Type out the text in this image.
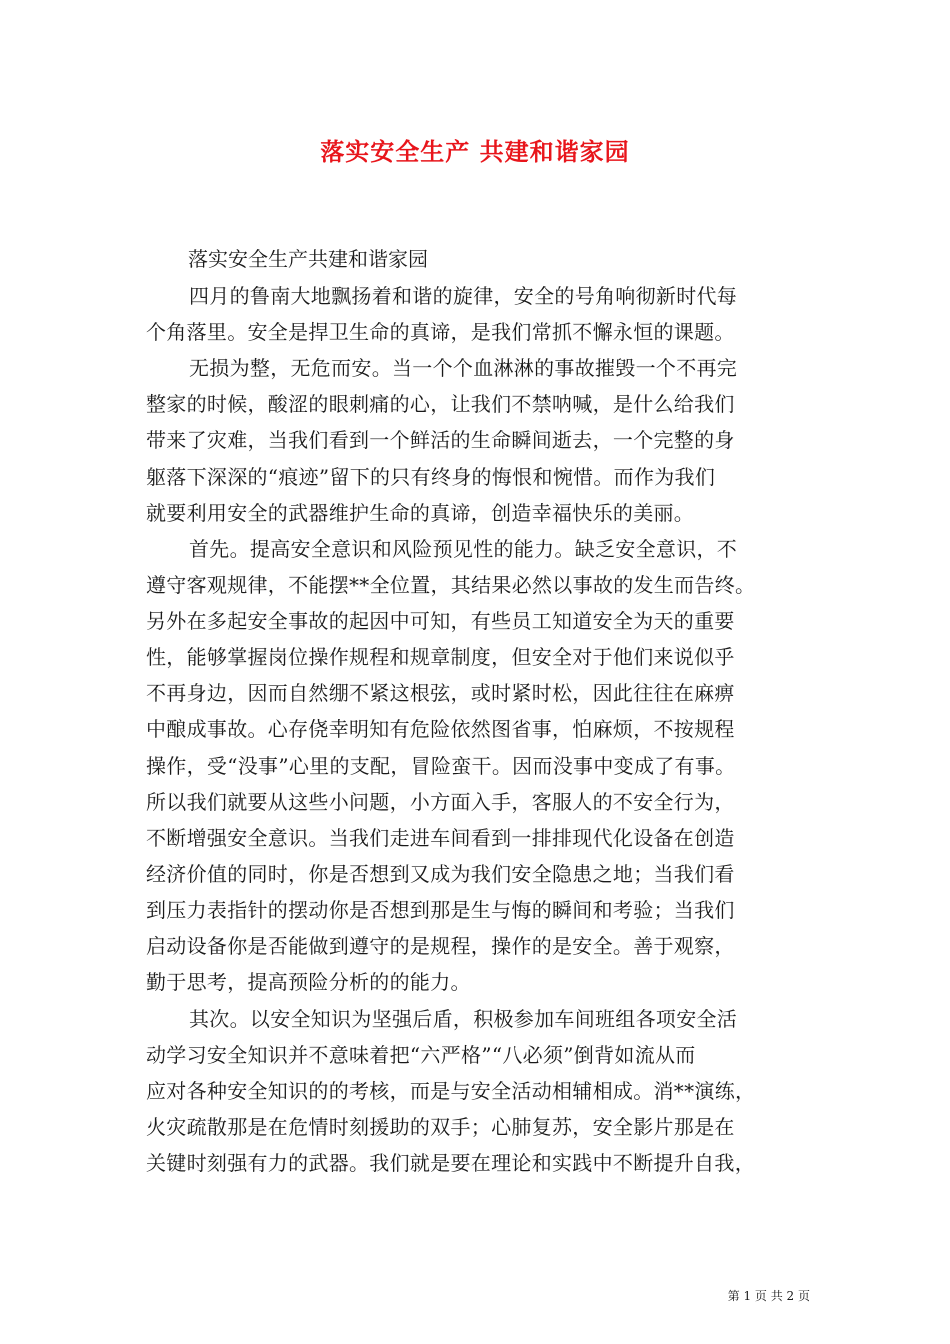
落实安全生产 共建和谐家园
落实安全生产共建和谐家园
四月的鲁南大地飘扬着和谐的旋律，安全的号角响彻新时代每
个角落里。安全是捍卫生命的真谛，是我们常抓不懈永恒的课题。
无损为整，无危而安。当一个个血淋淋的事故摧毁一个不再完
整家的时候，酸涩的眼刺痛的心，让我们不禁呐喊，是什么给我们
带来了灾难，当我们看到一个鲜活的生命瞬间逝去，一个完整的身
躯落下深深的“痕迹”留下的只有终身的悔恨和惋惜。而作为我们
就要利用安全的武器维护生命的真谛，创造幸福快乐的美丽。
首先。提高安全意识和风险预见性的能力。缺乏安全意识，不
遵守客观规律，不能摆**全位置，其结果必然以事故的发生而告终。
另外在多起安全事故的起因中可知，有些员工知道安全为天的重要
性，能够掌握岗位操作规程和规章制度，但安全对于他们来说似乎
不再身边，因而自然绷不紧这根弦，或时紧时松，因此往往在麻痹
中酿成事故。心存侥幸明知有危险依然图省事，怕麻烦，不按规程
操作，受“没事”心里的支配，冒险蛮干。因而没事中变成了有事。
所以我们就要从这些小问题，小方面入手，客服人的不安全行为，
不断增强安全意识。当我们走进车间看到一排排现代化设备在创造
经济价值的同时，你是否想到又成为我们安全隐患之地；当我们看
到压力表指针的摆动你是否想到那是生与悔的瞬间和考验；当我们
启动设备你是否能做到遵守的是规程，操作的是安全。善于观察，
勤于思考，提高预险分析的的能力。
其次。以安全知识为坚强后盾，积极参加车间班组各项安全活
动学习安全知识并不意味着把“六严格”“八必须”倒背如流从而
应对各种安全知识的的考核，而是与安全活动相辅相成。消**演练，
火灾疏散那是在危情时刻援助的双手；心肺复苏，安全影片那是在
关键时刻强有力的武器。我们就是要在理论和实践中不断提升自我，
第 1 页 共 2 页
